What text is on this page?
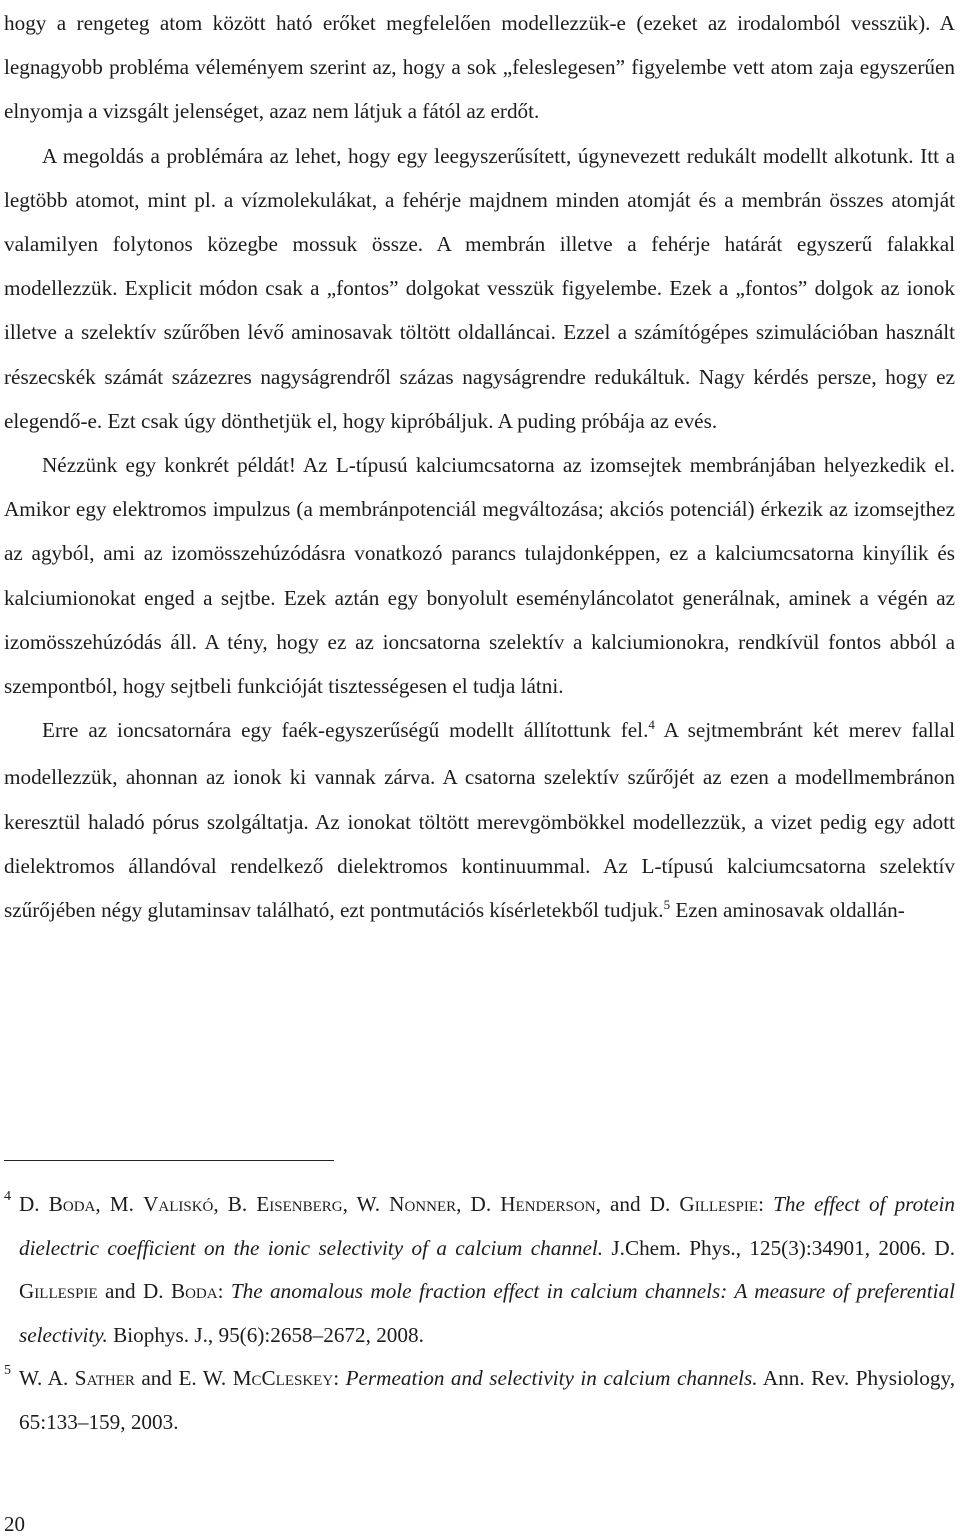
hogy a rengeteg atom között ható erőket megfelelően modellezzük-e (ezeket az irodalomból vesszük). A legnagyobb probléma véleményem szerint az, hogy a sok „feleslegesen” figyelembe vett atom zaja egyszerűen elnyomja a vizsgált jelenséget, azaz nem látjuk a fától az erdőt.

A megoldás a problémára az lehet, hogy egy leegyszerűsített, úgynevezett redukált modellt alkotunk. Itt a legtöbb atomot, mint pl. a vízmolekulákat, a fehérje majdnem minden atomját és a membrán összes atomját valamilyen folytonos közegbe mossuk össze. A membrán illetve a fehérje határát egyszerű falakkal modellezzük. Explicit módon csak a „fontos” dolgokat vesszük figyelembe. Ezek a „fontos” dolgok az ionok illetve a szelektív szűrőben lévő aminosavak töltött oldalláncai. Ezzel a számítógépes szimulációban használt részecskék számát százezres nagyságrendről százas nagyságrendre redukáltuk. Nagy kérdés persze, hogy ez elegendő-e. Ezt csak úgy dönthetjük el, hogy kipróbáljuk. A puding próbája az evés.

Nézzünk egy konkrét példát! Az L-típusú kalciumcsatorna az izomsejtek membránjában helyezkedik el. Amikor egy elektromos impulzus (a membránpotenciál megváltozása; akciós potenciál) érkezik az izomsejthez az agyból, ami az izomösszehúzódásra vonatkozó parancs tulajdonképpen, ez a kalciumcsatorna kinyílik és kalciumionokat enged a sejtbe. Ezek aztán egy bonyolult eseményláncolatot generálnak, aminek a végén az izomösszehúzódás áll. A tény, hogy ez az ioncsatorna szelektív a kalciumionokra, rendkívül fontos abból a szempontból, hogy sejtbeli funkcióját tisztességesen el tudja látni.

Erre az ioncsatornára egy faék-egyszerűségű modellt állítottunk fel.$^4$ A sejtmembránt két merev fallal modellezzük, ahonnan az ionok ki vannak zárva. A csatorna szelektív szűrőjét az ezen a modellmembránon keresztül haladó pórus szolgáltatja. Az ionokat töltött merevgömbökkel modellezzük, a vizet pedig egy adott dielektromos állandóval rendelkező dielektromos kontinuummal. Az L-típusú kalciumcsatorna szelektív szűrőjében négy glutaminsav található, ezt pontmutációs kísérletekből tudjuk.$^5$ Ezen aminosavak oldallán-

4 D. Boda, M. Valiskó, B. Eisenberg, W. Nonner, D. Henderson, and D. Gillespie: The effect of protein dielectric coefficient on the ionic selectivity of a calcium channel. J.Chem. Phys., 125(3):34901, 2006. D. Gillespie and D. Boda: The anomalous mole fraction effect in calcium channels: A measure of preferential selectivity. Biophys. J., 95(6):2658–2672, 2008.
5 W. A. Sather and E. W. McCleskey: Permeation and selectivity in calcium channels. Ann. Rev. Physiology, 65:133–159, 2003.
20
